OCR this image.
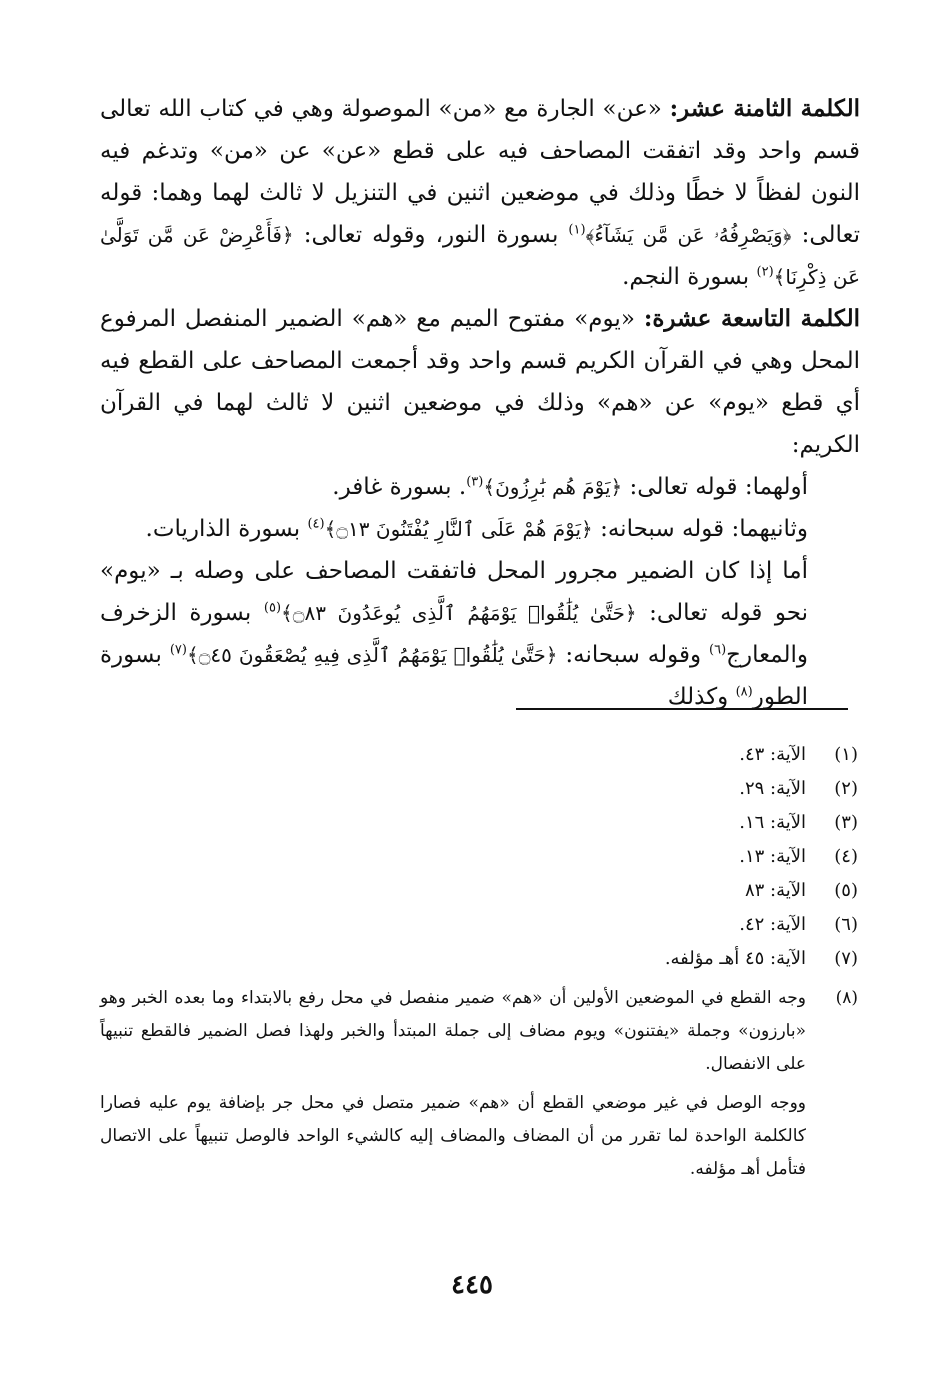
الكلمة الثامنة عشر: «عن» الجارة مع «من» الموصولة وهي في كتاب الله تعالى قسم واحد وقد اتفقت المصاحف فيه على قطع «عن» عن «من» وتدغم فيه النون لفظاً لا خطًا وذلك في موضعين اثنين في التنزيل لا ثالث لهما وهما: قوله تعالى: ﴿وَيَصْرِفُهُۥ عَن مَّن يَشَآءُ﴾$^{(١)}$ بسورة النور، وقوله تعالى: ﴿فَأَعْرِضْ عَن مَّن تَوَلَّىٰ عَن ذِكْرِنَا﴾$^{(٢)}$ بسورة النجم.

الكلمة التاسعة عشرة: «يوم» مفتوح الميم مع «هم» الضمير المنفصل المرفوع المحل وهي في القرآن الكريم قسم واحد وقد أجمعت المصاحف على القطع فيه أي قطع «يوم» عن «هم» وذلك في موضعين اثنين لا ثالث لهما في القرآن الكريم:

أولهما: قوله تعالى: ﴿يَوْمَ هُم بَٰرِزُونَ﴾$^{(٣)}$. بسورة غافر.

وثانيهما: قوله سبحانه: ﴿يَوْمَ هُمْ عَلَى ٱلنَّارِ يُفْتَنُونَ ۝١٣﴾$^{(٤)}$ بسورة الذاريات.

أما إذا كان الضمير مجرور المحل فاتفقت المصاحف على وصله بـ «يوم» نحو قوله تعالى: ﴿حَتَّىٰ يُلَٰقُوا۟ يَوْمَهُمُ ٱلَّذِى يُوعَدُونَ ۝٨٣﴾$^{(٥)}$ بسورة الزخرف والمعارج$^{(٦)}$ وقوله سبحانه: ﴿حَتَّىٰ يُلَٰقُوا۟ يَوْمَهُمُ ٱلَّذِى فِيهِ يُصْعَقُونَ ۝٤٥﴾$^{(٧)}$ بسورة الطور$^{(٨)}$ وكذلك

(١)
الآية: ٤٣.
(٢)
الآية: ٢٩.
(٣)
الآية: ١٦.
(٤)
الآية: ١٣.
(٥)
الآية: ٨٣
(٦)
الآية: ٤٢.
(٧)
الآية: ٤٥ أهـ مؤلفه.
(٨)

وجه القطع في الموضعين الأولين أن «هم» ضمير منفصل في محل رفع بالابتداء وما بعده الخبر وهو «بارزون» وجملة «يفتنون» ويوم مضاف إلى جملة المبتدأ والخبر ولهذا فصل الضمير فالقطع تنبيهاً على الانفصال.

ووجه الوصل في غير موضعي القطع أن «هم» ضمير متصل في محل جر بإضافة يوم عليه فصارا كالكلمة الواحدة لما تقرر من أن المضاف والمضاف إليه كالشيء الواحد فالوصل تنبيهاً على الاتصال فتأمل أهـ مؤلفه.

٤٤٥
